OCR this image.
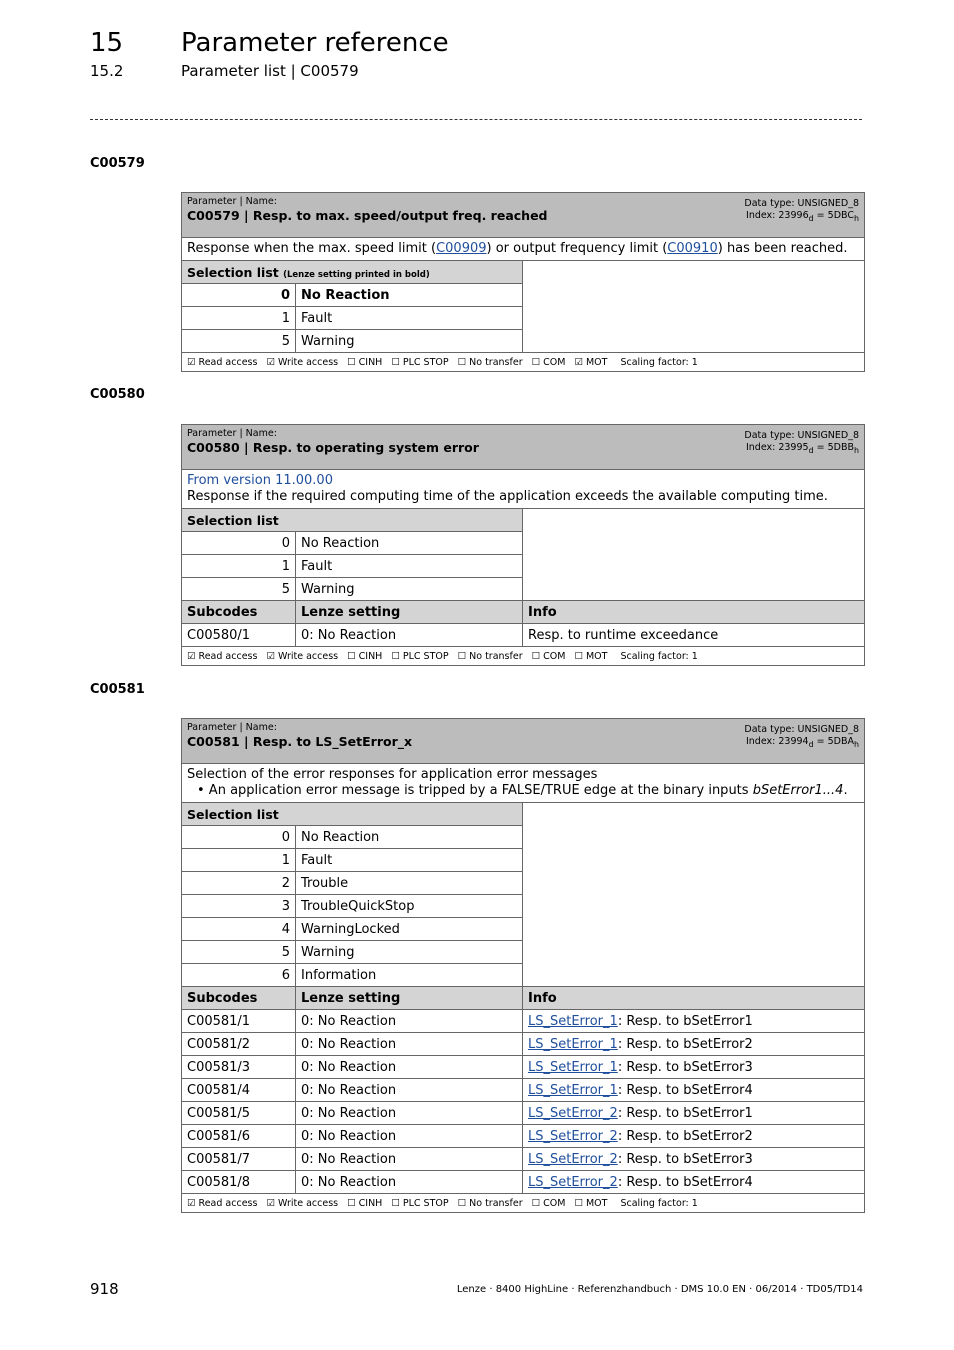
15 Parameter reference
15.2	Parameter list | C00579
C00579
Data type: UNSIGNED_8
Index: $23996_d = 5DBC_h$
Parameter | Name:
C00579 | Resp. to max. speed/output freq. reached		

Response when the max. speed limit (C00909) or output frequency limit (C00910) has been reached.		
Selection list (Lenze setting printed in bold)		
0	No Reaction	
1	Fault	
5	Warning	
☑ Read access ☑ Write access ☐ CINH ☐ PLC STOP ☐ No transfer ☐ COM ☑ MOT Scaling factor: 1		
C00580
Data type: UNSIGNED_8
Index: $23995_d = 5DBB_h$
Parameter | Name:
C00580 | Resp. to operating system error		

From version 11.00.00
Response if the required computing time of the application exceeds the available computing time.		

Selection list		
0	No Reaction	
1	Fault	
5	Warning	
Subcodes	Lenze setting	Info
C00580/1	0: No Reaction	Resp. to runtime exceedance
☑ Read access ☑ Write access ☐ CINH ☐ PLC STOP ☐ No transfer ☐ COM ☐ MOT Scaling factor: 1		
C00581
Data type: UNSIGNED_8
Index: $23994_d = 5DBA_h$
Parameter | Name:
C00581 | Resp. to LS_SetError_x		

Selection of the error responses for application error messages
• An application error message is tripped by a FALSE/TRUE edge at the binary inputs bSetError1...4.		

Selection list		
0	No Reaction	
1	Fault	
2	Trouble	
3	TroubleQuickStop	
4	WarningLocked	
5	Warning	
6	Information	
Subcodes	Lenze setting	Info
C00581/1	0: No Reaction	LS_SetError_1: Resp. to bSetError1
C00581/2	0: No Reaction	LS_SetError_1: Resp. to bSetError2
C00581/3	0: No Reaction	LS_SetError_1: Resp. to bSetError3
C00581/4	0: No Reaction	LS_SetError_1: Resp. to bSetError4
C00581/5	0: No Reaction	LS_SetError_2: Resp. to bSetError1
C00581/6	0: No Reaction	LS_SetError_2: Resp. to bSetError2
C00581/7	0: No Reaction	LS_SetError_2: Resp. to bSetError3
C00581/8	0: No Reaction	LS_SetError_2: Resp. to bSetError4
☑ Read access ☑ Write access ☐ CINH ☐ PLC STOP ☐ No transfer ☐ COM ☐ MOT Scaling factor: 1		
918	Lenze · 8400 HighLine · Referenzhandbuch · DMS 10.0 EN · 06/2014 · TD05/TD14
